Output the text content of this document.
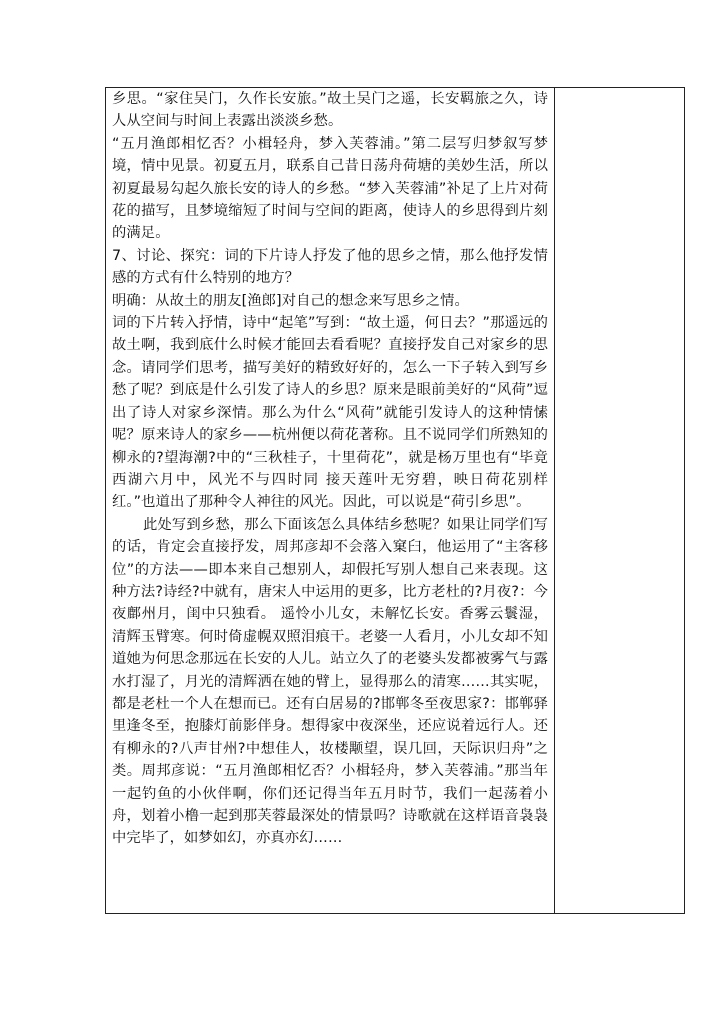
乡思。“家住吴门，久作长安旅。”故土吴门之遥，长安羁旅之久，诗人从空间与时间上表露出淡淡乡愁。

“五月渔郎相忆否？小楫轻舟，梦入芙蓉浦。”第二层写归梦叙写梦境，情中见景。初夏五月，联系自己昔日荡舟荷塘的美妙生活，所以初夏最易勾起久旅长安的诗人的乡愁。“梦入芙蓉浦”补足了上片对荷花的描写，且梦境缩短了时间与空间的距离，使诗人的乡思得到片刻的满足。

7、讨论、探究：词的下片诗人抒发了他的思乡之情，那么他抒发情感的方式有什么特别的地方？

明确：从故土的朋友[渔郎]对自己的想念来写思乡之情。

词的下片转入抒情，诗中“起笔”写到：“故土遥，何日去？”那遥远的故土啊，我到底什么时候才能回去看看呢？直接抒发自己对家乡的思念。请同学们思考，描写美好的精致好好的，怎么一下子转入到写乡愁了呢？到底是什么引发了诗人的乡思？原来是眼前美好的“风荷”逗出了诗人对家乡深情。那么为什么“风荷”就能引发诗人的这种情愫呢？原来诗人的家乡——杭州便以荷花著称。且不说同学们所熟知的柳永的?望海潮?中的“三秋桂子，十里荷花”，就是杨万里也有“毕竟西湖六月中，风光不与四时同 接天莲叶无穷碧，映日荷花别样红。”也道出了那种令人神往的风光。因此，可以说是“荷引乡思”。

此处写到乡愁，那么下面该怎么具体结乡愁呢？如果让同学们写的话，肯定会直接抒发，周邦彦却不会落入窠臼，他运用了“主客移位”的方法——即本来自己想别人，却假托写别人想自己来表现。这种方法?诗经?中就有，唐宋人中运用的更多，比方老杜的?月夜?：今夜鄜州月，闺中只独看。 遥怜小儿女，未解忆长安。香雾云鬟湿，清辉玉臂寒。何时倚虚幌双照泪痕干。老婆一人看月，小儿女却不知道她为何思念那远在长安的人儿。站立久了的老婆头发都被雾气与露水打湿了，月光的清辉洒在她的臂上，显得那么的清寒……其实呢，都是老杜一个人在想而已。还有白居易的?邯郸冬至夜思家?：邯郸驿里逢冬至，抱膝灯前影伴身。想得家中夜深坐，还应说着远行人。还有柳永的?八声甘州?中想佳人，妆楼颙望，误几回，天际识归舟”之类。周邦彦说：“五月渔郎相忆否？小楫轻舟，梦入芙蓉浦。”那当年一起钓鱼的小伙伴啊，你们还记得当年五月时节，我们一起荡着小舟，划着小橹一起到那芙蓉最深处的情景吗？诗歌就在这样语音袅袅中完毕了，如梦如幻，亦真亦幻……
